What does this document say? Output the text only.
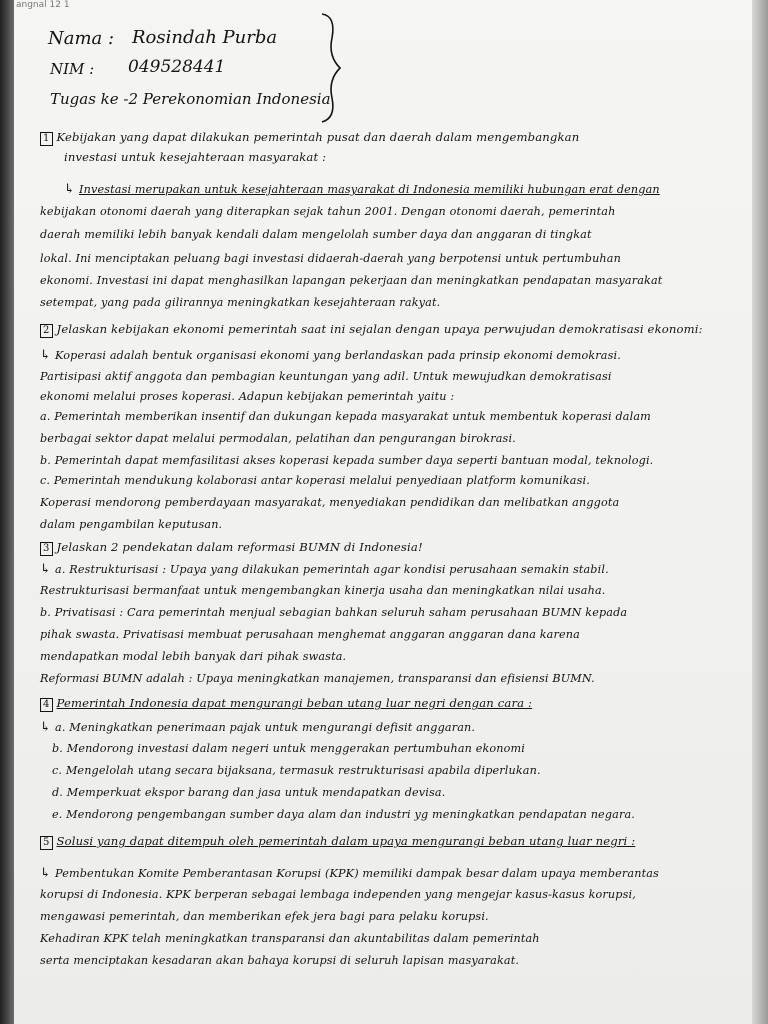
angnal 12 1
Nama : Rosindah Purba
NIM : 049528441
Tugas ke -2 Perekonomian Indonesia
1 Kebijakan yang dapat dilakukan pemerintah pusat dan daerah dalam mengembangkan
investasi untuk kesejahteraan masyarakat :
↳ Investasi merupakan untuk kesejahteraan masyarakat di Indonesia memiliki hubungan erat dengan
kebijakan otonomi daerah yang diterapkan sejak tahun 2001. Dengan otonomi daerah, pemerintah
daerah memiliki lebih banyak kendali dalam mengelolah sumber daya dan anggaran di tingkat
lokal. Ini menciptakan peluang bagi investasi didaerah-daerah yang berpotensi untuk pertumbuhan
ekonomi. Investasi ini dapat menghasilkan lapangan pekerjaan dan meningkatkan pendapatan masyarakat
setempat, yang pada gilirannya meningkatkan kesejahteraan rakyat.
2 Jelaskan kebijakan ekonomi pemerintah saat ini sejalan dengan upaya perwujudan demokratisasi ekonomi:
↳ Koperasi adalah bentuk organisasi ekonomi yang berlandaskan pada prinsip ekonomi demokrasi.
Partisipasi aktif anggota dan pembagian keuntungan yang adil. Untuk mewujudkan demokratisasi
ekonomi melalui proses koperasi. Adapun kebijakan pemerintah yaitu :
a. Pemerintah memberikan insentif dan dukungan kepada masyarakat untuk membentuk koperasi dalam
berbagai sektor dapat melalui permodalan, pelatihan dan pengurangan birokrasi.
b. Pemerintah dapat memfasilitasi akses koperasi kepada sumber daya seperti bantuan modal, teknologi.
c. Pemerintah mendukung kolaborasi antar koperasi melalui penyediaan platform komunikasi.
Koperasi mendorong pemberdayaan masyarakat, menyediakan pendidikan dan melibatkan anggota
dalam pengambilan keputusan.
3 Jelaskan 2 pendekatan dalam reformasi BUMN di Indonesia!
↳ a. Restrukturisasi : Upaya yang dilakukan pemerintah agar kondisi perusahaan semakin stabil.
Restrukturisasi bermanfaat untuk mengembangkan kinerja usaha dan meningkatkan nilai usaha.
b. Privatisasi : Cara pemerintah menjual sebagian bahkan seluruh saham perusahaan BUMN kepada
pihak swasta. Privatisasi membuat perusahaan menghemat anggaran anggaran dana karena
mendapatkan modal lebih banyak dari pihak swasta.
Reformasi BUMN adalah : Upaya meningkatkan manajemen, transparansi dan efisiensi BUMN.
4 Pemerintah Indonesia dapat mengurangi beban utang luar negri dengan cara :
↳ a. Meningkatkan penerimaan pajak untuk mengurangi defisit anggaran.
b. Mendorong investasi dalam negeri untuk menggerakan pertumbuhan ekonomi
c. Mengelolah utang secara bijaksana, termasuk restrukturisasi apabila diperlukan.
d. Memperkuat ekspor barang dan jasa untuk mendapatkan devisa.
e. Mendorong pengembangan sumber daya alam dan industri yg meningkatkan pendapatan negara.
5 Solusi yang dapat ditempuh oleh pemerintah dalam upaya mengurangi beban utang luar negri :
↳ Pembentukan Komite Pemberantasan Korupsi (KPK) memiliki dampak besar dalam upaya memberantas
korupsi di Indonesia. KPK berperan sebagai lembaga independen yang mengejar kasus-kasus korupsi,
mengawasi pemerintah, dan memberikan efek jera bagi para pelaku korupsi.
Kehadiran KPK telah meningkatkan transparansi dan akuntabilitas dalam pemerintah
serta menciptakan kesadaran akan bahaya korupsi di seluruh lapisan masyarakat.
